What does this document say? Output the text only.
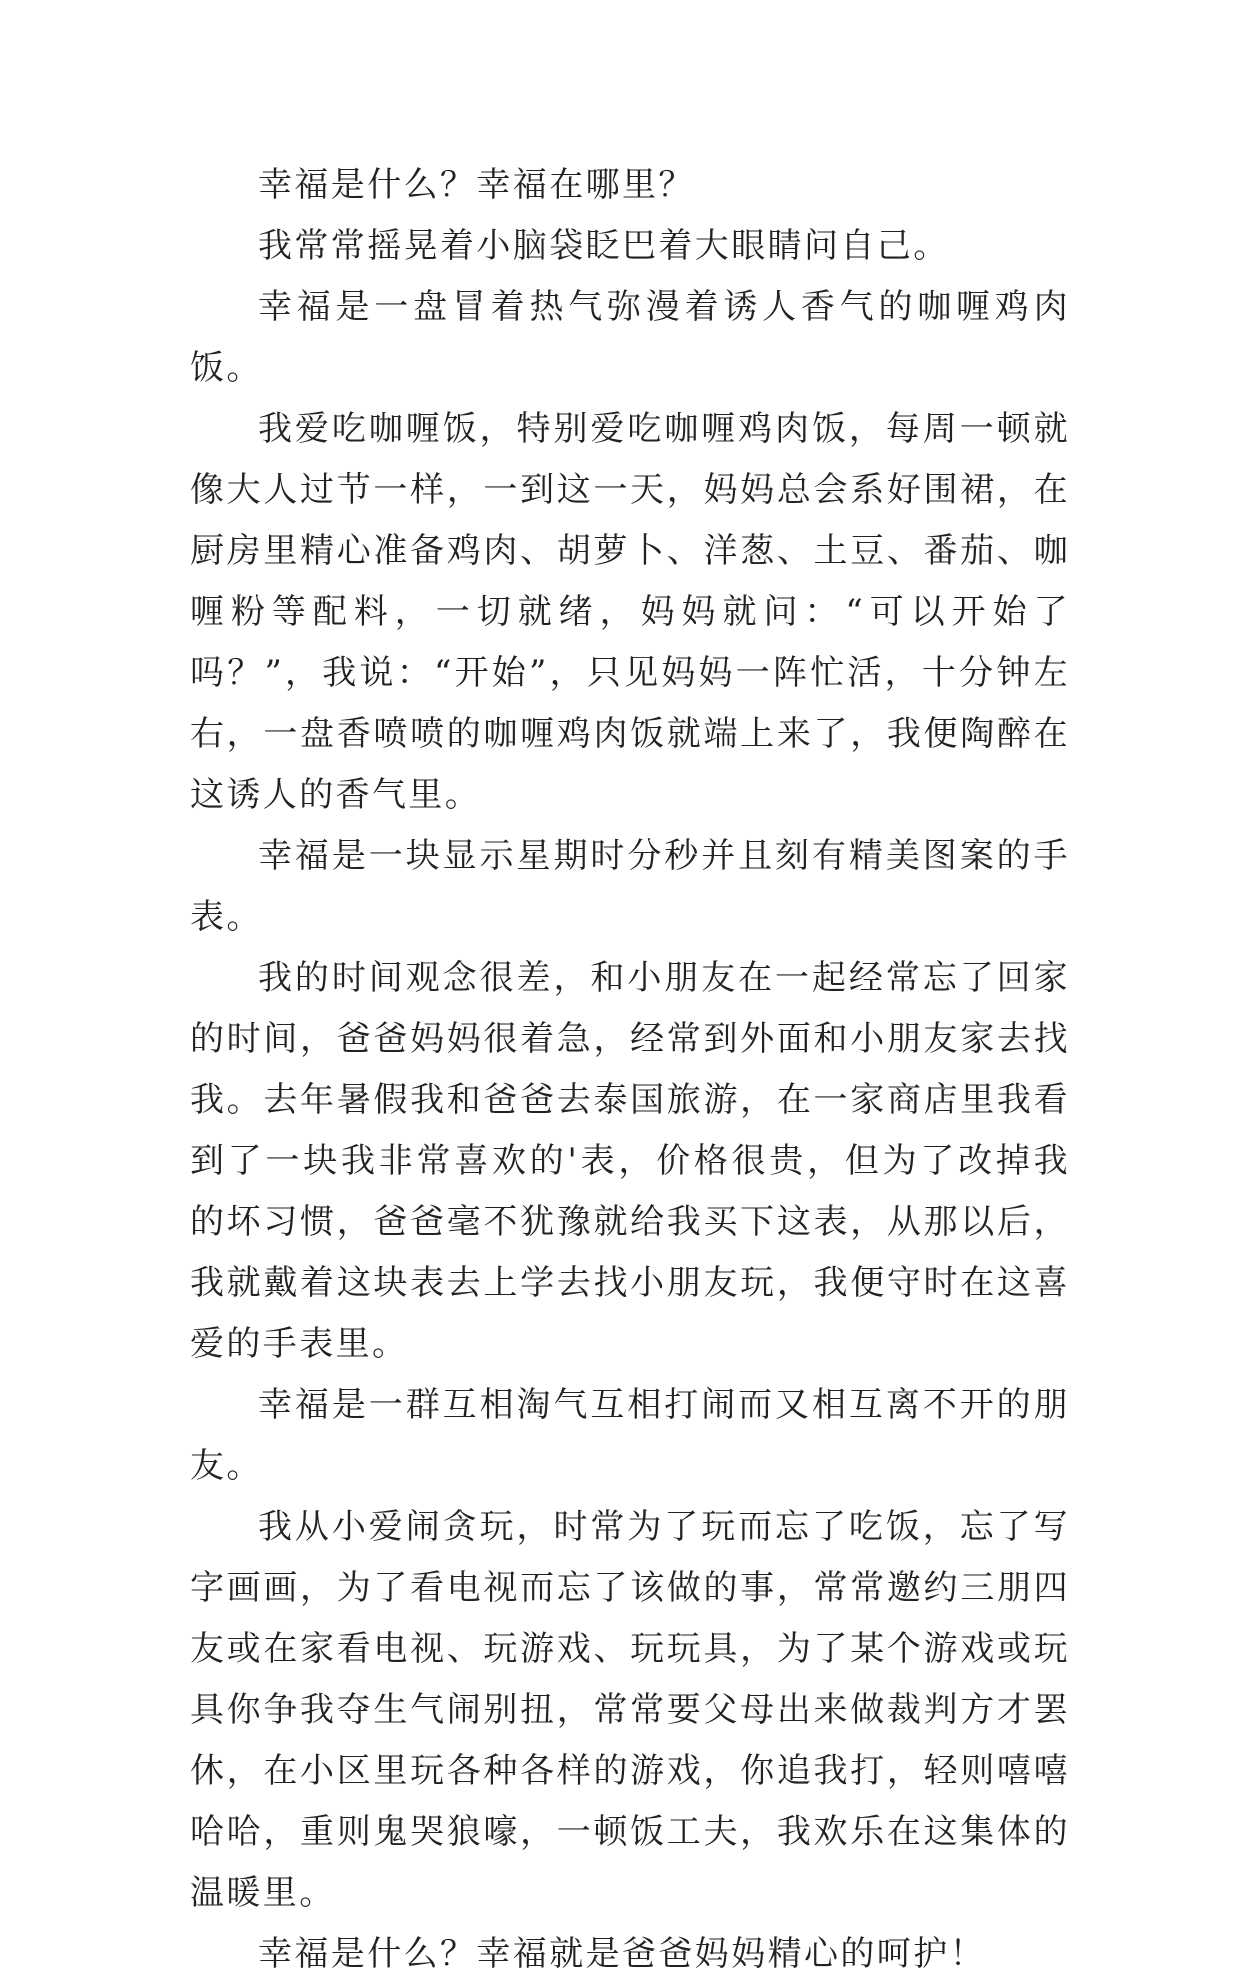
幸福是什么？幸福在哪里？

我常常摇晃着小脑袋眨巴着大眼睛问自己。

幸福是一盘冒着热气弥漫着诱人香气的咖喱鸡肉饭。

我爱吃咖喱饭，特别爱吃咖喱鸡肉饭，每周一顿就像大人过节一样，一到这一天，妈妈总会系好围裙，在厨房里精心准备鸡肉、胡萝卜、洋葱、土豆、番茄、咖喱粉等配料，一切就绪，妈妈就问：“可以开始了吗？”，我说：“开始”，只见妈妈一阵忙活，十分钟左右，一盘香喷喷的咖喱鸡肉饭就端上来了，我便陶醉在这诱人的香气里。

幸福是一块显示星期时分秒并且刻有精美图案的手表。

我的时间观念很差，和小朋友在一起经常忘了回家的时间，爸爸妈妈很着急，经常到外面和小朋友家去找我。去年暑假我和爸爸去泰国旅游，在一家商店里我看到了一块我非常喜欢的'表，价格很贵，但为了改掉我的坏习惯，爸爸毫不犹豫就给我买下这表，从那以后，我就戴着这块表去上学去找小朋友玩，我便守时在这喜爱的手表里。

幸福是一群互相淘气互相打闹而又相互离不开的朋友。

我从小爱闹贪玩，时常为了玩而忘了吃饭，忘了写字画画，为了看电视而忘了该做的事，常常邀约三朋四友或在家看电视、玩游戏、玩玩具，为了某个游戏或玩具你争我夺生气闹别扭，常常要父母出来做裁判方才罢休，在小区里玩各种各样的游戏，你追我打，轻则嘻嘻哈哈，重则鬼哭狼嚎，一顿饭工夫，我欢乐在这集体的温暖里。

幸福是什么？幸福就是爸爸妈妈精心的呵护！
